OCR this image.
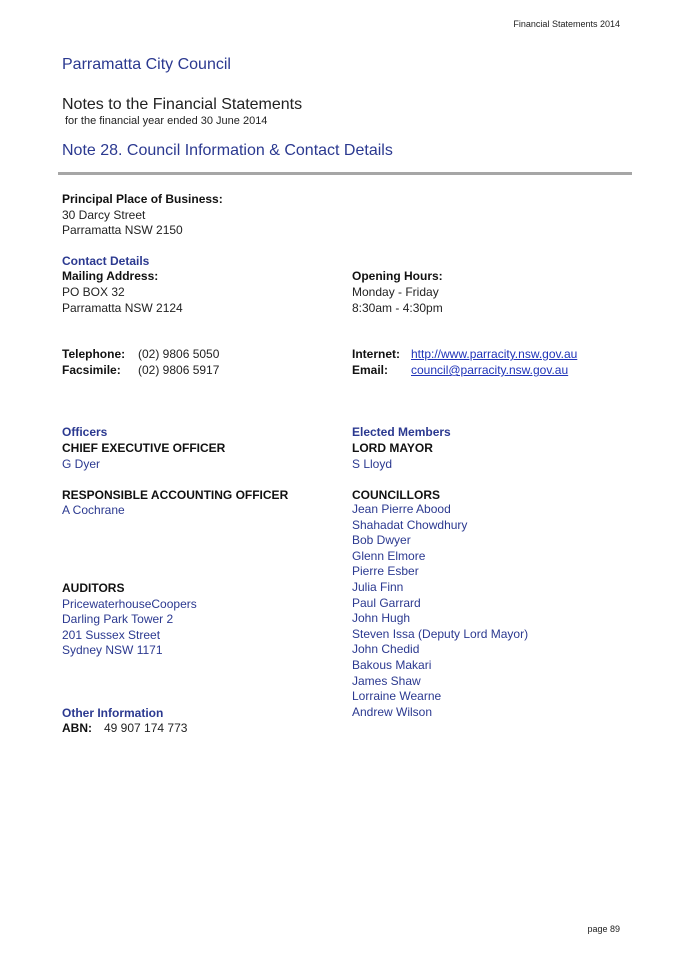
Financial Statements 2014
Parramatta City Council
Notes to the Financial Statements
for the financial year ended 30 June 2014
Note 28. Council Information & Contact Details
Principal Place of Business:
30 Darcy Street
Parramatta NSW 2150
Contact Details
Mailing Address:
PO BOX 32
Parramatta NSW 2124
Opening Hours:
Monday - Friday
8:30am - 4:30pm
Telephone: (02) 9806 5050
Facsimile: (02) 9806 5917
Internet: http://www.parracity.nsw.gov.au
Email: council@parracity.nsw.gov.au
Officers
CHIEF EXECUTIVE OFFICER
G Dyer
RESPONSIBLE ACCOUNTING OFFICER
A Cochrane
AUDITORS
PricewaterhouseCoopers
Darling Park Tower 2
201 Sussex Street
Sydney NSW 1171
Other Information
ABN: 49 907 174 773
Elected Members
LORD MAYOR
S Lloyd
COUNCILLORS
Jean Pierre Abood
Shahadat Chowdhury
Bob Dwyer
Glenn Elmore
Pierre Esber
Julia Finn
Paul Garrard
John Hugh
Steven Issa (Deputy Lord Mayor)
John Chedid
Bakous Makari
James Shaw
Lorraine Wearne
Andrew Wilson
page 89
